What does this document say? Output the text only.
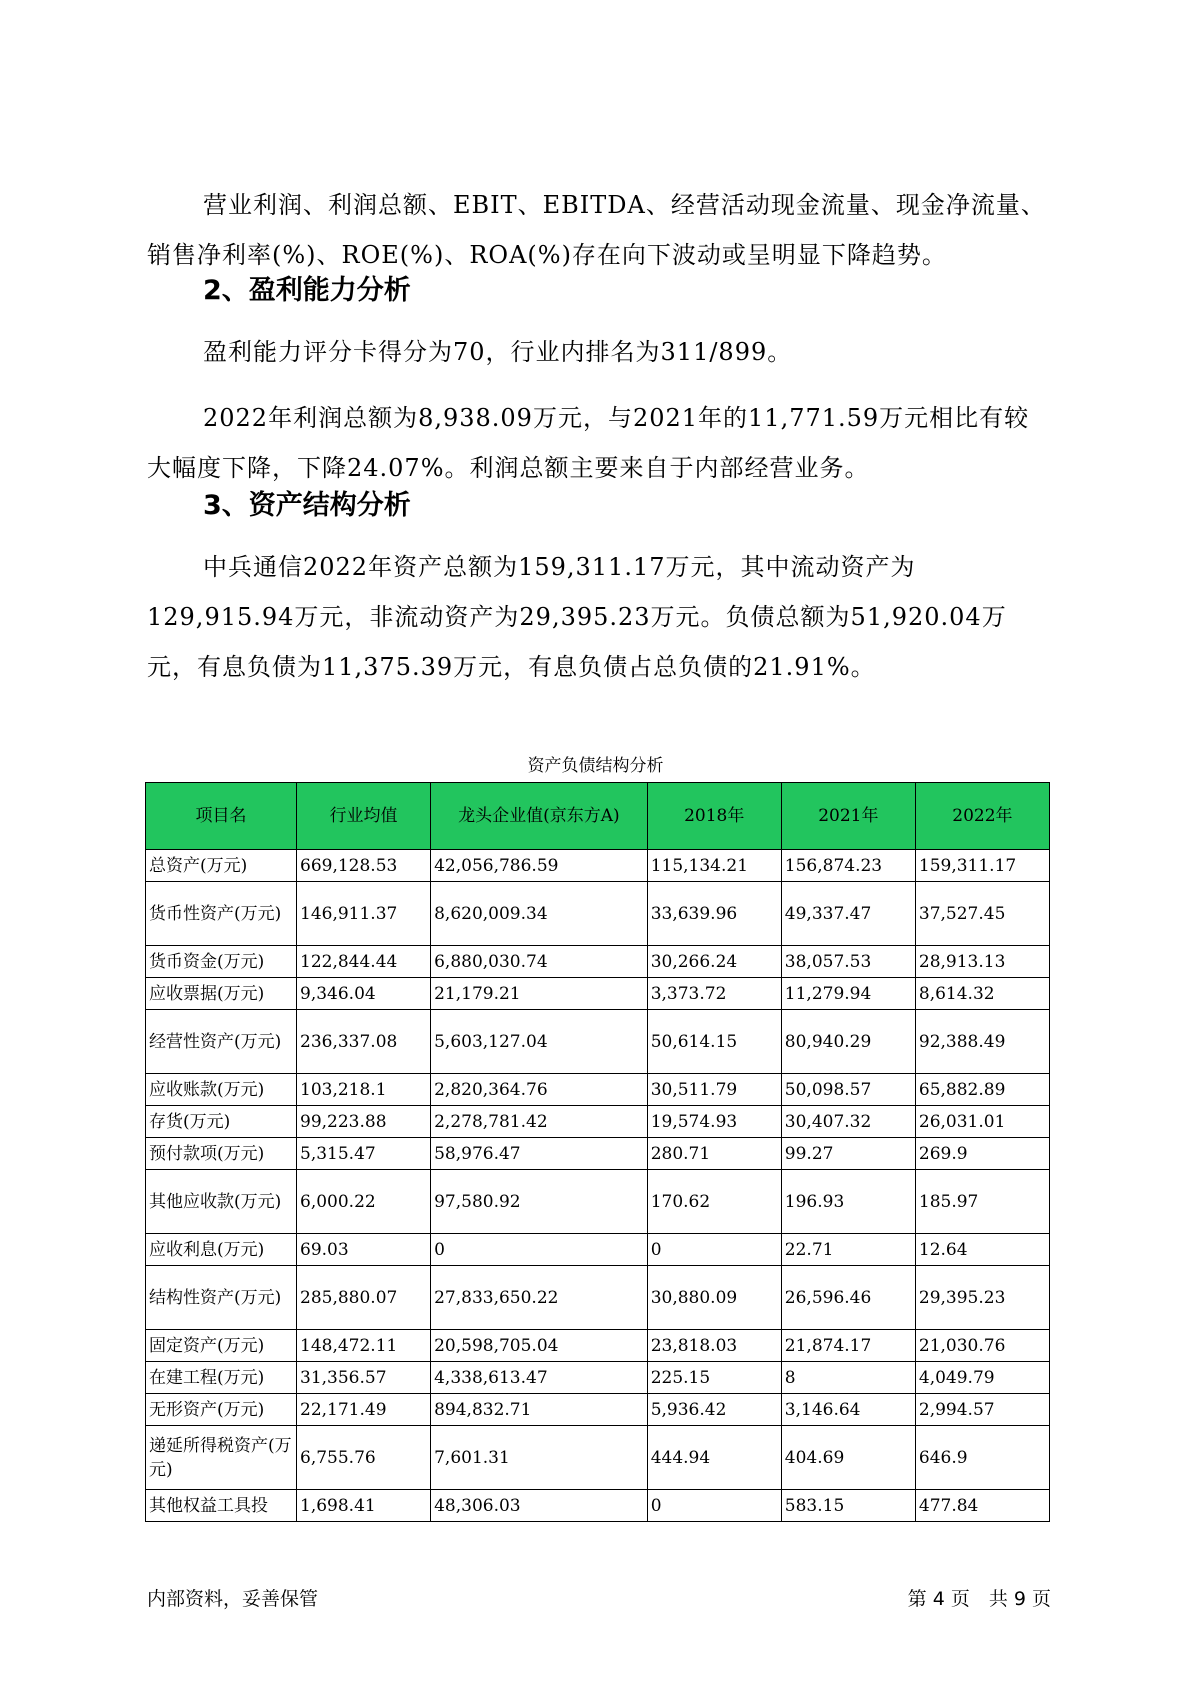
营业利润、利润总额、EBIT、EBITDA、经营活动现金流量、现金净流量、销售净利率(%)、ROE(%)、ROA(%)存在向下波动或呈明显下降趋势。

2、盈利能力分析

盈利能力评分卡得分为70，行业内排名为311/899。

2022年利润总额为8,938.09万元，与2021年的11,771.59万元相比有较大幅度下降，下降24.07%。利润总额主要来自于内部经营业务。

3、资产结构分析

中兵通信2022年资产总额为159,311.17万元，其中流动资产为129,915.94万元，非流动资产为29,395.23万元。负债总额为51,920.04万元，有息负债为11,375.39万元，有息负债占总负债的21.91%。

资产负债结构分析
项目名	行业均值	龙头企业值(京东方A)	2018年	2021年	2022年
总资产(万元)	669,128.53	42,056,786.59	115,134.21	156,874.23	159,311.17
货币性资产(万元)	146,911.37	8,620,009.34	33,639.96	49,337.47	37,527.45
货币资金(万元)	122,844.44	6,880,030.74	30,266.24	38,057.53	28,913.13
应收票据(万元)	9,346.04	21,179.21	3,373.72	11,279.94	8,614.32
经营性资产(万元)	236,337.08	5,603,127.04	50,614.15	80,940.29	92,388.49
应收账款(万元)	103,218.1	2,820,364.76	30,511.79	50,098.57	65,882.89
存货(万元)	99,223.88	2,278,781.42	19,574.93	30,407.32	26,031.01
预付款项(万元)	5,315.47	58,976.47	280.71	99.27	269.9
其他应收款(万元)	6,000.22	97,580.92	170.62	196.93	185.97
应收利息(万元)	69.03	0	0	22.71	12.64
结构性资产(万元)	285,880.07	27,833,650.22	30,880.09	26,596.46	29,395.23
固定资产(万元)	148,472.11	20,598,705.04	23,818.03	21,874.17	21,030.76
在建工程(万元)	31,356.57	4,338,613.47	225.15	8	4,049.79
无形资产(万元)	22,171.49	894,832.71	5,936.42	3,146.64	2,994.57
递延所得税资产(万元)	6,755.76	7,601.31	444.94	404.69	646.9
其他权益工具投	1,698.41	48,306.03	0	583.15	477.84
内部资料，妥善保管	第 4 页　共 9 页
